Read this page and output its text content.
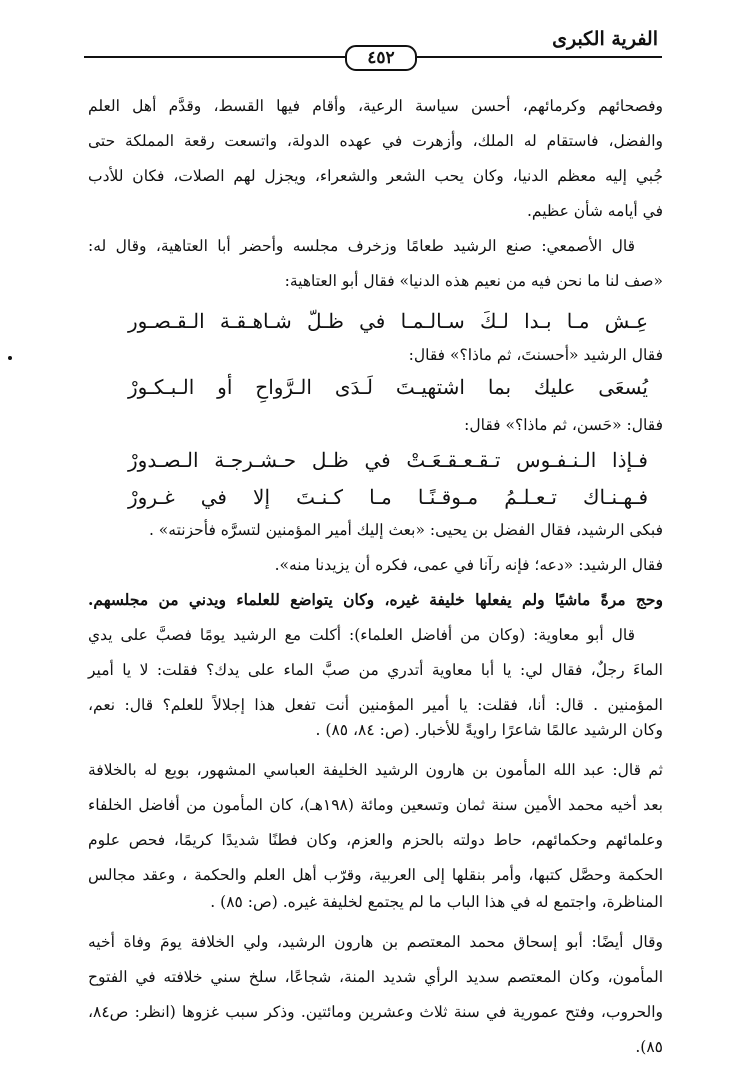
الفرية الكبرى
٤٥٢
وفصحائهم وكرمائهم، أحسن سياسة الرعية، وأقام فيها القسط، وقدَّم أهل العلم
والفضل، فاستقام له الملك، وأزهرت في عهده الدولة، واتسعت رقعة المملكة حتى
جُبي إليه معظم الدنيا، وكان يحب الشعر والشعراء، ويجزل لهم الصلات، فكان للأدب
في أيامه شأن عظيم.
قال الأصمعي: صنع الرشيد طعامًا وزخرف مجلسه وأحضر أبا العتاهية، وقال له:
«صف لنا ما نحن فيه من نعيم هذه الدنيا» فقال أبو العتاهية:
عِـش مـا بـدا لـكَ سـالـمـا في ظـلّ شـاهـقـة الـقـصـور
فقال الرشيد «أحسنتَ، ثم ماذا؟» فقال:
يُسعَى عليك بما اشتهيـتَ لَـدَى الـرَّواحِ أو الـبـكـورْ
فقال: «حَسن، ثم ماذا؟» فقال:
فـإذا الـنـفـوس تـقـعـقـعَـتْ في ظـل حـشـرجـة الـصـدورْ
فـهـنـاك تـعـلـمُ مـوقـنًـا مـا كـنـتَ إلا في غـرورْ
فبكى الرشيد، فقال الفضل بن يحيى: «بعث إليك أمير المؤمنين لتسرَّه فأحزنته» .
فقال الرشيد: «دعه؛ فإنه رآنا في عمى، فكره أن يزيدنا منه».
وحج مرةً ماشيًا ولم يفعلها خليفة غيره، وكان يتواضع للعلماء ويدني من مجلسهم.
قال أبو معاوية: (وكان من أفاضل العلماء): أكلت مع الرشيد يومًا فصبَّ على يدي
الماءَ رجلٌ، فقال لي: يا أبا معاوية أتدري من صبَّ الماء على يدك؟ فقلت: لا يا أمير
المؤمنين . قال: أنا، فقلت: يا أمير المؤمنين أنت تفعل هذا إجلالاً للعلم؟ قال: نعم،
وكان الرشيد عالمًا شاعرًا راويةً للأخبار. (ص: ٨٤، ٨٥) .
ثم قال: عبد الله المأمون بن هارون الرشيد الخليفة العباسي المشهور، بويع له بالخلافة
بعد أخيه محمد الأمين سنة ثمان وتسعين ومائة (١٩٨هـ)، كان المأمون من أفاضل الخلفاء
وعلمائهم وحكمائهم، حاط دولته بالحزم والعزم، وكان فطنًا شديدًا كريمًا، فحص علوم
الحكمة وحصَّل كتبها، وأمر بنقلها إلى العربية، وقرّب أهل العلم والحكمة ، وعقد مجالس
المناظرة، واجتمع له في هذا الباب ما لم يجتمع لخليفة غيره. (ص: ٨٥) .
وقال أيضًا: أبو إسحاق محمد المعتصم بن هارون الرشيد، ولي الخلافة يومَ وفاة أخيه
المأمون، وكان المعتصم سديد الرأي شديد المنة، شجاعًا، سلخ سني خلافته في الفتوح
والحروب، وفتح عمورية في سنة ثلاث وعشرين ومائتين. وذكر سبب غزوها (انظر: ص٨٤،
٨٥).
